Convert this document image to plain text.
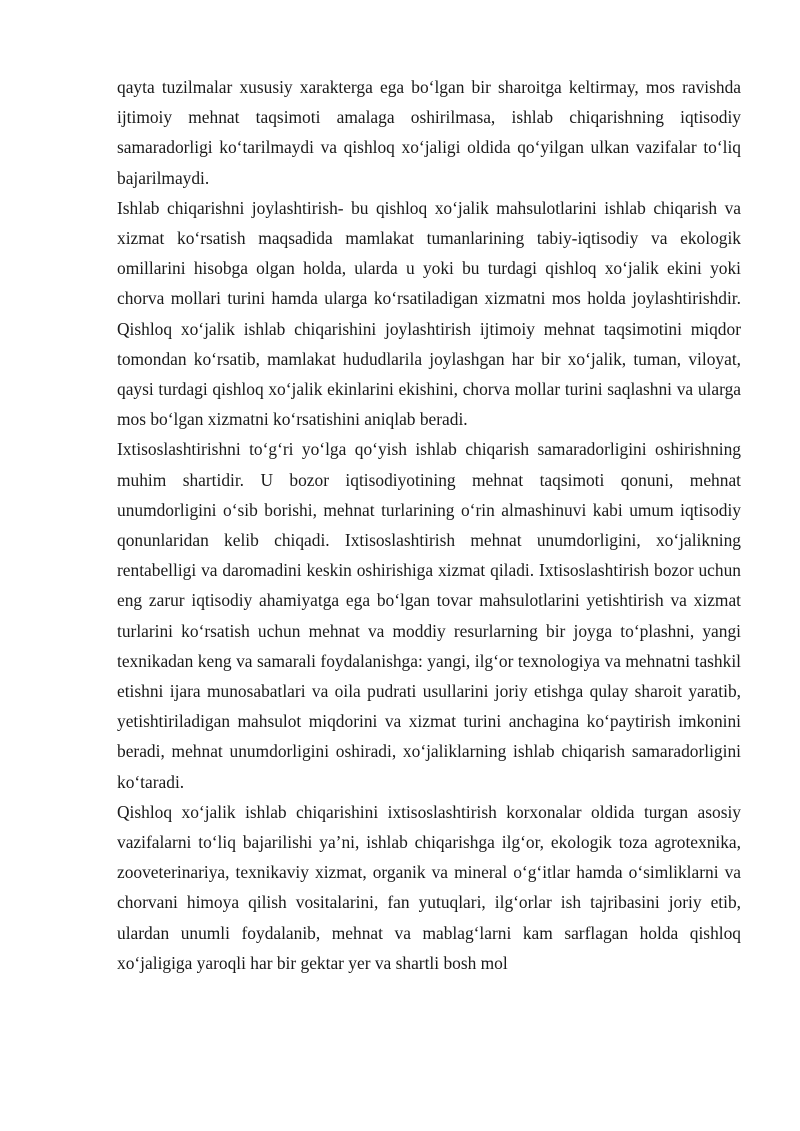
qayta tuzilmalar xususiy xarakterga ega boʻlgan bir sharoitga keltirmay, mos ravishda ijtimoiy mehnat taqsimoti amalaga oshirilmasa, ishlab chiqarishning iqtisodiy samaradorligi koʻtarilmaydi va qishloq xoʻjaligi oldida qoʻyilgan ulkan vazifalar toʻliq bajarilmaydi.

Ishlab chiqarishni joylashtirish- bu qishloq xoʻjalik mahsulotlarini ishlab chiqarish va xizmat koʻrsatish maqsadida mamlakat tumanlarining tabiy-iqtisodiy va ekologik omillarini hisobga olgan holda, ularda u yoki bu turdagi qishloq xoʻjalik ekini yoki chorva mollari turini hamda ularga koʻrsatiladigan xizmatni mos holda joylashtirishdir. Qishloq xoʻjalik ishlab chiqarishini joylashtirish ijtimoiy mehnat taqsimotini miqdor tomondan koʻrsatib, mamlakat hududlarila joylashgan har bir xoʻjalik, tuman, viloyat, qaysi turdagi qishloq xoʻjalik ekinlarini ekishini, chorva mollar turini saqlashni va ularga mos boʻlgan xizmatni koʻrsatishini aniqlab beradi.

Ixtisoslashtirishni toʻgʻri yoʻlga qoʻyish ishlab chiqarish samaradorligini oshirishning muhim shartidir. U bozor iqtisodiyotining mehnat taqsimoti qonuni, mehnat unumdorligini oʻsib borishi, mehnat turlarining oʻrin almashinuvi kabi umum iqtisodiy qonunlaridan kelib chiqadi. Ixtisoslashtirish mehnat unumdorligini, xoʻjalikning rentabelligi va daromadini keskin oshirishiga xizmat qiladi. Ixtisoslashtirish bozor uchun eng zarur iqtisodiy ahamiyatga ega boʻlgan tovar mahsulotlarini yetishtirish va xizmat turlarini koʻrsatish uchun mehnat va moddiy resurlarning bir joyga toʻplashni, yangi texnikadan keng va samarali foydalanishga: yangi, ilgʻor texnologiya va mehnatni tashkil etishni ijara munosabatlari va oila pudrati usullarini joriy etishga qulay sharoit yaratib, yetishtiriladigan mahsulot miqdorini va xizmat turini anchagina koʻpaytirish imkonini beradi, mehnat unumdorligini oshiradi, xoʻjaliklarning ishlab chiqarish samaradorligini koʻtaradi.

Qishloq xoʻjalik ishlab chiqarishini ixtisoslashtirish korxonalar oldida turgan asosiy vazifalarni toʻliq bajarilishi yaʼni, ishlab chiqarishga ilgʻor, ekologik toza agrotexnika, zooveterinariya, texnikaviy xizmat, organik va mineral oʻgʻitlar hamda oʻsimliklarni va chorvani himoya qilish vositalarini, fan yutuqlari, ilgʻorlar ish tajribasini joriy etib, ulardan unumli foydalanib, mehnat va mablagʻlarni kam sarflagan holda qishloq xoʻjaligiga yaroqli har bir gektar yer va shartli bosh mol
